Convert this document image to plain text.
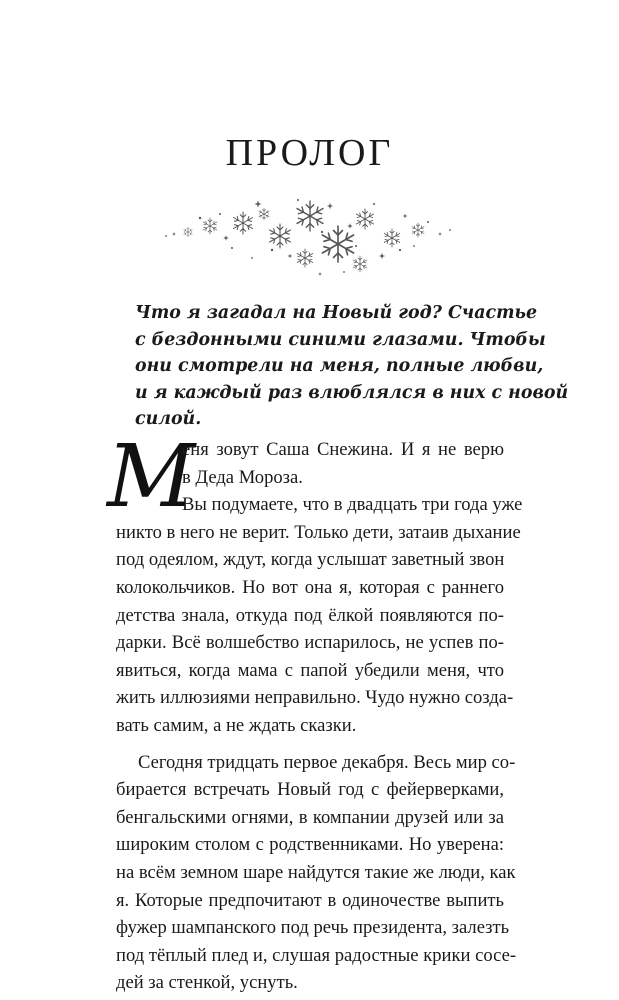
ПРОЛОГ
Что я загадал на Новый год? Счастье
с бездонными синими глазами. Чтобы
они смотрели на меня, полные любви,
и я каждый раз влюблялся в них с новой
силой.
М
еня зовут Саша Снежина. И я не верю
в Деда Мороза.
Вы подумаете, что в двадцать три года уже
никто в него не верит. Только дети, затаив дыхание
под одеялом, ждут, когда услышат заветный звон
колокольчиков. Но вот она я, которая с раннего
детства знала, откуда под ёлкой появляются по-
дарки. Всё волшебство испарилось, не успев по-
явиться, когда мама с папой убедили меня, что
жить иллюзиями неправильно. Чудо нужно созда-
вать самим, а не ждать сказки.
Сегодня тридцать первое декабря. Весь мир со-
бирается встречать Новый год с фейерверками,
бенгальскими огнями, в компании друзей или за
широким столом с родственниками. Но уверена:
на всём земном шаре найдутся такие же люди, как
я. Которые предпочитают в одиночестве выпить
фужер шампанского под речь президента, залезть
под тёплый плед и, слушая радостные крики сосе-
дей за стенкой, уснуть.
